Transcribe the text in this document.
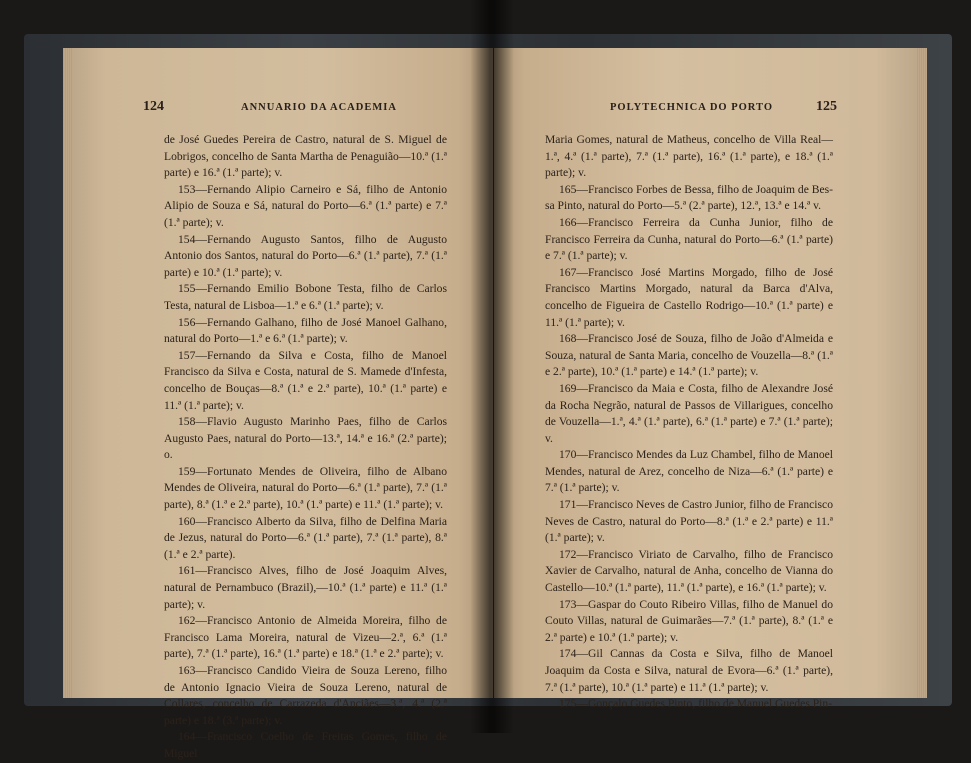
124	ANNUARIO DA ACADEMIA

de José Guedes Pereira de Castro, natural de S. Miguel de Lobrigos, concelho de Santa Martha de Penaguião—10.ª (1.ª parte) e 16.ª (1.ª parte); v.

153—Fernando Alipio Carneiro e Sá, filho de Antonio Alipio de Souza e Sá, natural do Porto—6.ª (1.ª parte) e 7.ª (1.ª parte); v.

154—Fernando Augusto Santos, filho de Augusto Antonio dos Santos, natural do Porto—6.ª (1.ª parte), 7.ª (1.ª parte) e 10.ª (1.ª parte); v.

155—Fernando Emilio Bobone Testa, filho de Carlos Testa, natural de Lisboa—1.ª e 6.ª (1.ª parte); v.

156—Fernando Galhano, filho de José Manoel Galhano, natural do Porto—1.ª e 6.ª (1.ª parte); v.

157—Fernando da Silva e Costa, filho de Manoel Francisco da Silva e Costa, natural de S. Mamede d'Infesta, concelho de Bouças—8.ª (1.ª e 2.ª parte), 10.ª (1.ª parte) e 11.ª (1.ª parte); v.

158—Flavio Augusto Marinho Paes, filho de Carlos Augusto Paes, natural do Porto—13.ª, 14.ª e 16.ª (2.ª parte); o.

159—Fortunato Mendes de Oliveira, filho de Albano Mendes de Oliveira, natural do Porto—6.ª (1.ª parte), 7.ª (1.ª parte), 8.ª (1.ª e 2.ª parte), 10.ª (1.ª parte) e 11.ª (1.ª parte); v.

160—Francisco Alberto da Silva, filho de Delfina Maria de Jezus, natural do Porto—6.ª (1.ª parte), 7.ª (1.ª parte), 8.ª (1.ª e 2.ª parte).

161—Francisco Alves, filho de José Joaquim Alves, natural de Pernambuco (Brazil),—10.ª (1.ª parte) e 11.ª (1.ª parte); v.

162—Francisco Antonio de Almeida Moreira, filho de Francisco Lama Moreira, natural de Vizeu—2.ª, 6.ª (1.ª parte), 7.ª (1.ª parte), 16.ª (1.ª parte) e 18.ª (1.ª e 2.ª parte); v.

163—Francisco Candido Vieira de Souza Lereno, filho de Antonio Ignacio Vieira de Souza Lereno, natural de Collares, concelho de Carrazeda d'Anciães—3.ª, 4.ª (2.ª parte) e 18.ª (3.ª parte); v.

164—Francisco Coelho de Freitas Gomes, filho de Miguel

POLYTECHNICA DO PORTO	125

Maria Gomes, natural de Matheus, concelho de Villa Real—1.ª, 4.ª (1.ª parte), 7.ª (1.ª parte), 16.ª (1.ª parte), e 18.ª (1.ª parte); v.

165—Francisco Forbes de Bessa, filho de Joaquim de Bes-sa Pinto, natural do Porto—5.ª (2.ª parte), 12.ª, 13.ª e 14.ª v.

166—Francisco Ferreira da Cunha Junior, filho de Francisco Ferreira da Cunha, natural do Porto—6.ª (1.ª parte) e 7.ª (1.ª parte); v.

167—Francisco José Martins Morgado, filho de José Francisco Martins Morgado, natural da Barca d'Alva, concelho de Figueira de Castello Rodrigo—10.ª (1.ª parte) e 11.ª (1.ª parte); v.

168—Francisco José de Souza, filho de João d'Almeida e Souza, natural de Santa Maria, concelho de Vouzella—8.ª (1.ª e 2.ª parte), 10.ª (1.ª parte) e 14.ª (1.ª parte); v.

169—Francisco da Maia e Costa, filho de Alexandre José da Rocha Negrão, natural de Passos de Villarigues, concelho de Vouzella—1.ª, 4.ª (1.ª parte), 6.ª (1.ª parte) e 7.ª (1.ª parte); v.

170—Francisco Mendes da Luz Chambel, filho de Manoel Mendes, natural de Arez, concelho de Niza—6.ª (1.ª parte) e 7.ª (1.ª parte); v.

171—Francisco Neves de Castro Junior, filho de Francisco Neves de Castro, natural do Porto—8.ª (1.ª e 2.ª parte) e 11.ª (1.ª parte); v.

172—Francisco Viriato de Carvalho, filho de Francisco Xavier de Carvalho, natural de Anha, concelho de Vianna do Castello—10.ª (1.ª parte), 11.ª (1.ª parte), e 16.ª (1.ª parte); v.

173—Gaspar do Couto Ribeiro Villas, filho de Manuel do Couto Villas, natural de Guimarães—7.ª (1.ª parte), 8.ª (1.ª e 2.ª parte) e 10.ª (1.ª parte); v.

174—Gil Cannas da Costa e Silva, filho de Manoel Joaquim da Costa e Silva, natural de Evora—6.ª (1.ª parte), 7.ª (1.ª parte), 10.ª (1.ª parte) e 11.ª (1.ª parte); v.

175—Gonçalo Guedes Pinto, filho de Manuel Guedes Pin-
